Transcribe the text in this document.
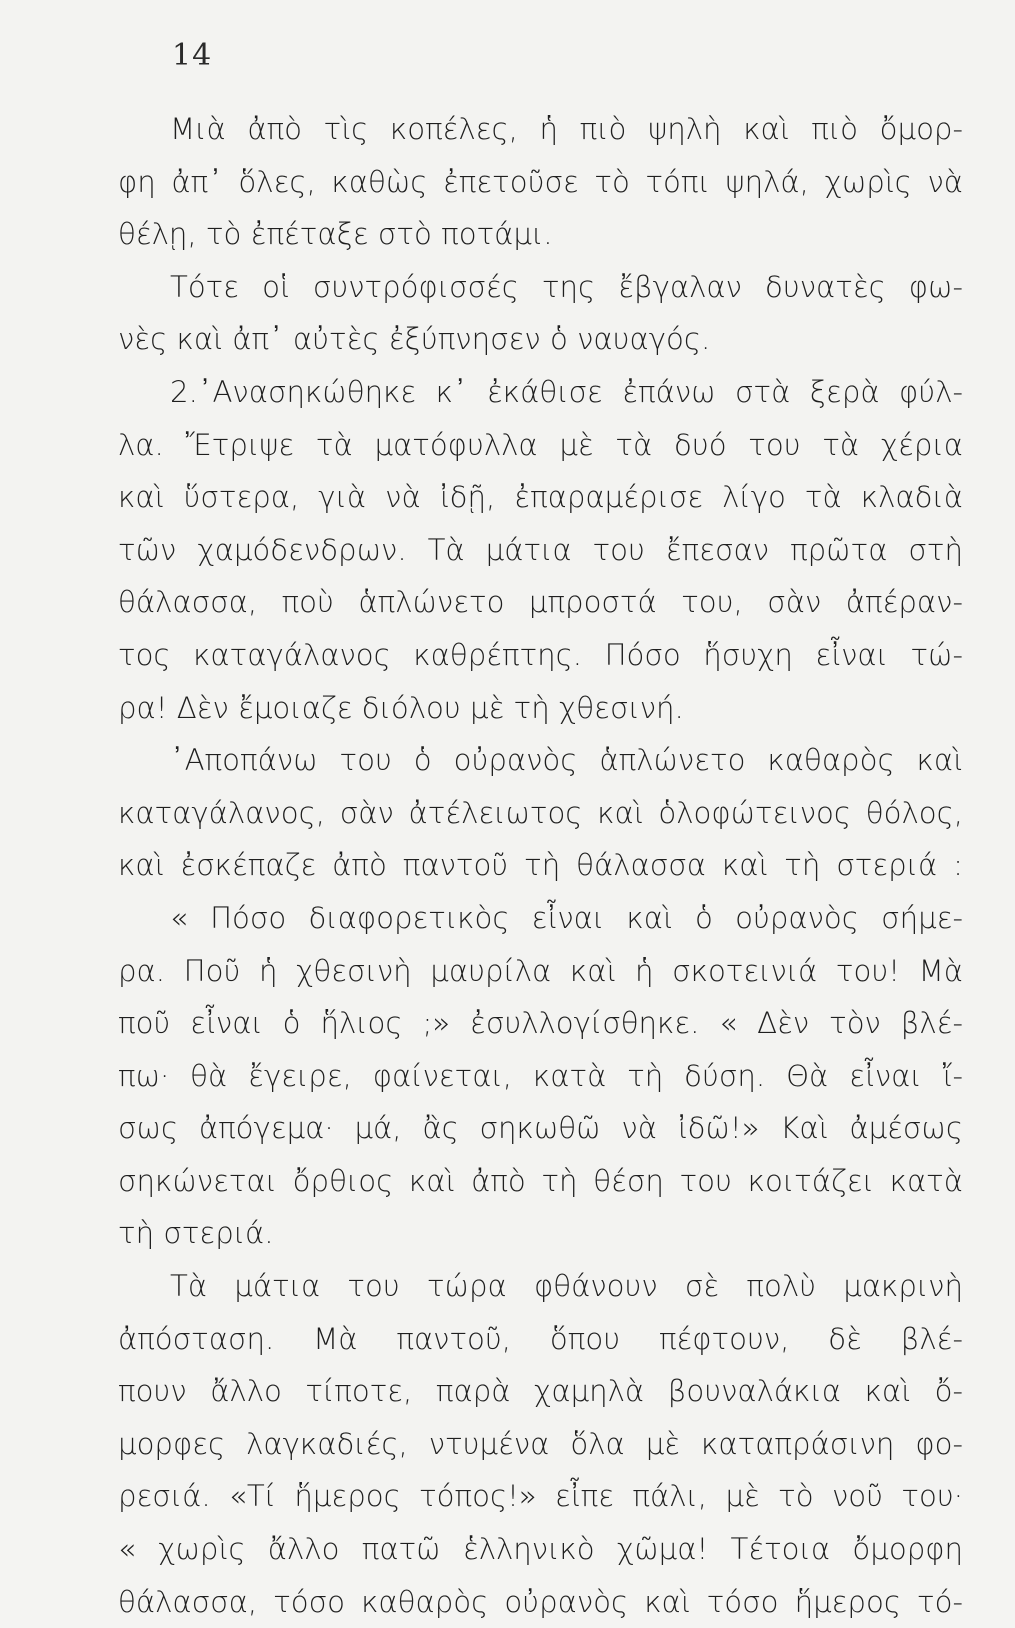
14
Μιὰ ἀπὸ τὶς κοπέλες, ἡ πιὸ ψηλὴ καὶ πιὸ ὄμορ-
φη ἀπ᾽ ὅλες, καθὼς ἐπετοῦσε τὸ τόπι ψηλά, χωρὶς νὰ
θέλῃ, τὸ ἐπέταξε στὸ ποτάμι.
Τότε οἱ συντρόφισσές της ἔβγαλαν δυνατὲς φω-
νὲς καὶ ἀπ᾽ αὐτὲς ἐξύπνησεν ὁ ναυαγός.
2.᾽Ανασηκώθηκε κ᾽ ἐκάθισε ἐπάνω στὰ ξερὰ φύλ-
λα. Ἔτριψε τὰ ματόφυλλα μὲ τὰ δυό του τὰ χέρια
καὶ ὕστερα, γιὰ νὰ ἰδῇ, ἐπαραμέρισε λίγο τὰ κλαδιὰ
τῶν χαμόδενδρων. Τὰ μάτια του ἔπεσαν πρῶτα στὴ
θάλασσα, ποὺ ἁπλώνετο μπροστά του, σὰν ἀπέραν-
τος καταγάλανος καθρέπτης. Πόσο ἥσυχη εἶναι τώ-
ρα! Δὲν ἔμοιαζε διόλου μὲ τὴ χθεσινή.
᾽Αποπάνω του ὁ οὐρανὸς ἁπλώνετο καθαρὸς καὶ
καταγάλανος, σὰν ἀτέλειωτος καὶ ὁλοφώτεινος θόλος,
καὶ ἐσκέπαζε ἀπὸ παντοῦ τὴ θάλασσα καὶ τὴ στεριά :
« Πόσο διαφορετικὸς εἶναι καὶ ὁ οὐρανὸς σήμε-
ρα. Ποῦ ἡ χθεσινὴ μαυρίλα καὶ ἡ σκοτεινιά του! Μὰ
ποῦ εἶναι ὁ ἥλιος ;» ἐσυλλογίσθηκε. « Δὲν τὸν βλέ-
πω· θὰ ἔγειρε, φαίνεται, κατὰ τὴ δύση. Θὰ εἶναι ἴ-
σως ἀπόγεμα· μά, ἂς σηκωθῶ νὰ ἰδῶ!» Καὶ ἀμέσως
σηκώνεται ὄρθιος καὶ ἀπὸ τὴ θέση του κοιτάζει κατὰ
τὴ στεριά.
Τὰ μάτια του τώρα φθάνουν σὲ πολὺ μακρινὴ
ἀπόσταση. Μὰ παντοῦ, ὅπου πέφτουν, δὲ βλέ-
πουν ἄλλο τίποτε, παρὰ χαμηλὰ βουναλάκια καὶ ὄ-
μορφες λαγκαδιές, ντυμένα ὅλα μὲ καταπράσινη φο-
ρεσιά. «Τί ἥμερος τόπος!» εἶπε πάλι, μὲ τὸ νοῦ του·
« χωρὶς ἄλλο πατῶ ἑλληνικὸ χῶμα! Τέτοια ὄμορφη
θάλασσα, τόσο καθαρὸς οὐρανὸς καὶ τόσο ἥμερος τό-
